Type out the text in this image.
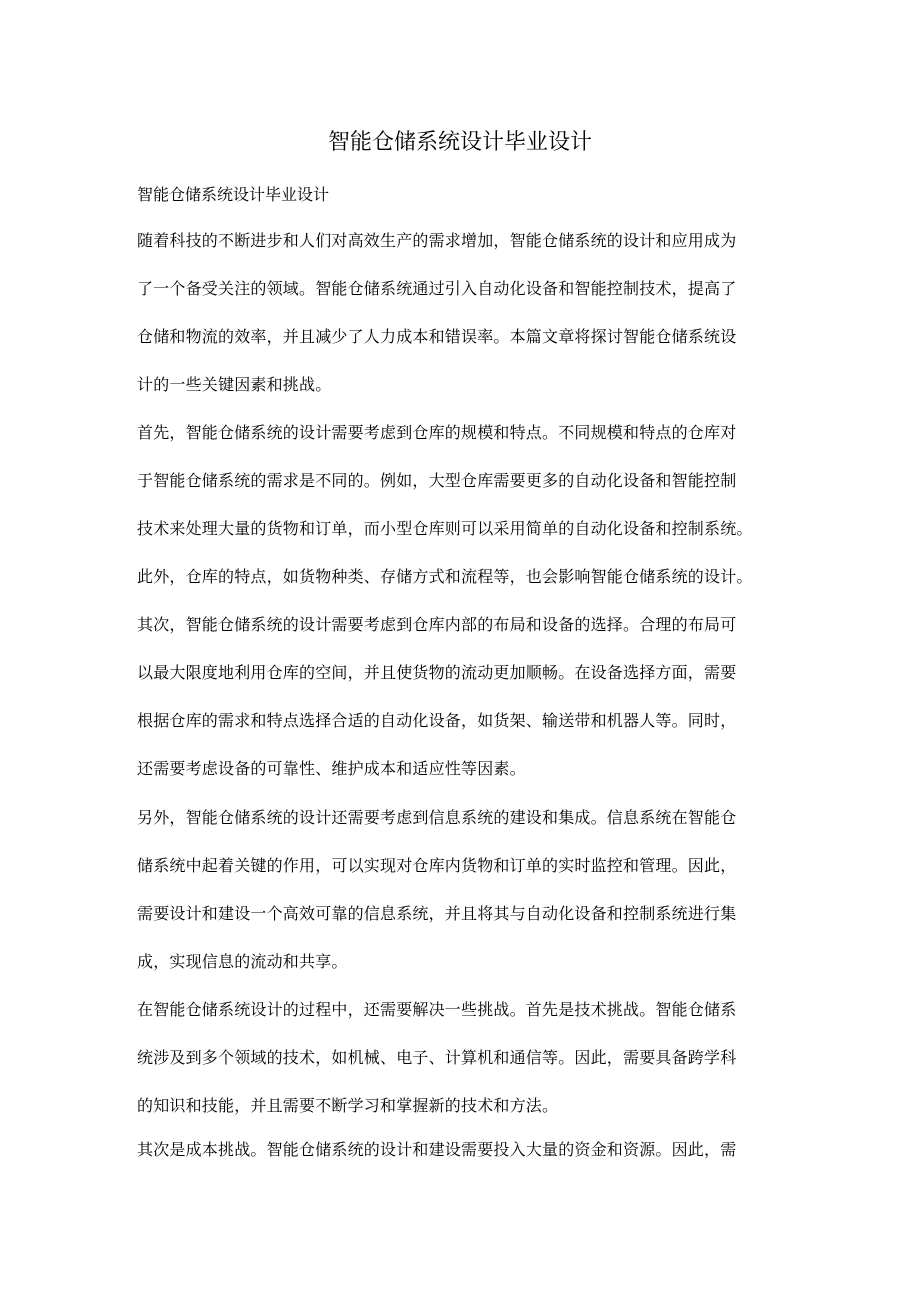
智能仓储系统设计毕业设计

智能仓储系统设计毕业设计

随着科技的不断进步和人们对高效生产的需求增加，智能仓储系统的设计和应用成为
了一个备受关注的领域。智能仓储系统通过引入自动化设备和智能控制技术，提高了
仓储和物流的效率，并且减少了人力成本和错误率。本篇文章将探讨智能仓储系统设
计的一些关键因素和挑战。
首先，智能仓储系统的设计需要考虑到仓库的规模和特点。不同规模和特点的仓库对
于智能仓储系统的需求是不同的。例如，大型仓库需要更多的自动化设备和智能控制
技术来处理大量的货物和订单，而小型仓库则可以采用简单的自动化设备和控制系统。
此外，仓库的特点，如货物种类、存储方式和流程等，也会影响智能仓储系统的设计。
其次，智能仓储系统的设计需要考虑到仓库内部的布局和设备的选择。合理的布局可
以最大限度地利用仓库的空间，并且使货物的流动更加顺畅。在设备选择方面，需要
根据仓库的需求和特点选择合适的自动化设备，如货架、输送带和机器人等。同时，
还需要考虑设备的可靠性、维护成本和适应性等因素。
另外，智能仓储系统的设计还需要考虑到信息系统的建设和集成。信息系统在智能仓
储系统中起着关键的作用，可以实现对仓库内货物和订单的实时监控和管理。因此，
需要设计和建设一个高效可靠的信息系统，并且将其与自动化设备和控制系统进行集
成，实现信息的流动和共享。
在智能仓储系统设计的过程中，还需要解决一些挑战。首先是技术挑战。智能仓储系
统涉及到多个领域的技术，如机械、电子、计算机和通信等。因此，需要具备跨学科
的知识和技能，并且需要不断学习和掌握新的技术和方法。
其次是成本挑战。智能仓储系统的设计和建设需要投入大量的资金和资源。因此，需
